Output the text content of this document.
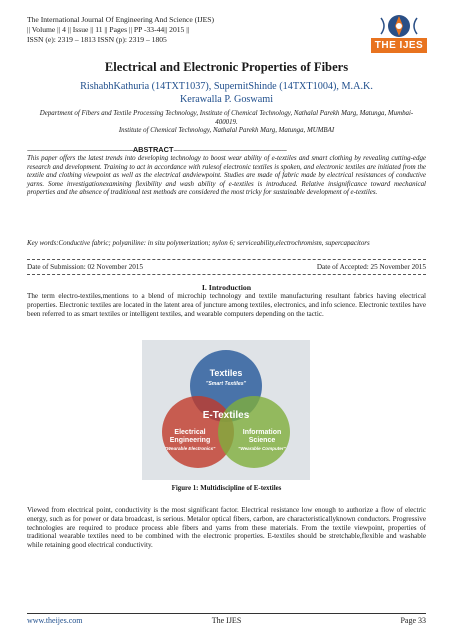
The International Journal Of Engineering And Science (IJES)
|| Volume || 4 || Issue || 11 || Pages || PP -33-44|| 2015 ||
ISSN (e): 2319 – 1813 ISSN (p): 2319 – 1805
THE IJES
Electrical and Electronic Properties of Fibers
RishabhKathuria (14TXT1037), SupernitShinde (14TXT1004), M.A.K. Kerawalla P. Goswami
Department of Fibers and Textile Processing Technology, Institute of Chemical Technology, Nathalal Parekh Marg, Matunga, Mumbai- 400019.
Institute of Chemical Technology, Nathalal Parekh Marg, Matunga, MUMBAI
-----------------------------------------------------------ABSTRACT---------------------------------------------------------------
This paper offers the latest trends into developing technology to boost wear ability of e-textiles and smart clothing by revealing cutting-edge research and development. Training to act in accordance with rulesof electronic textiles is spoken, and electronic textiles are initiated from the textile and clothing viewpoint as well as the electrical andviewpoint. Studies are made of fabric made by electrical resistances of conductive yarns. Some investigationexamining flexibility and wash ability of e-textiles is introduced. Relative insignificance toward mechanical properties and the absence of traditional test methods are considered the most tricky for sustainable development of e-textiles.
Key words:Conductive fabric; polyaniline: in situ polymerization; nylon 6; serviceability,electrochromism, supercapacitors
Date of Submission: 02 November 2015	Date of Accepted: 25 November 2015
I. Introduction
The term electro-textiles,mentions to a blend of microchip technology and textile manufacturing resultant fabrics having electrical properties. Electronic textiles are located in the latent area of juncture among textiles, electronics, and info science. Electronic textiles have been referred to as smart textiles or intelligent textiles, and wearable computers depending on the tactic.
Textiles
"Smart Textiles"
Electrical
Engineering
"Wearable Electronics"
Information
Science
"Wearable Computer"
E-Textiles
Figure 1: Multidiscipline of E-textiles
Viewed from electrical point, conductivity is the most significant factor. Electrical resistance low enough to authorize a flow of electric energy, such as for power or data broadcast, is serious. Metalor optical fibers, carbon, are characteristicallyknown conductors. Progressive technologies are required to produce process able fibers and yarns from these materials. From the textile viewpoint, properties of traditional wearable textiles need to be combined with the electronic properties. E-textiles should be stretchable,flexible and washable while retaining good electrical conductivity.
www.theijes.com	The IJES	Page 33
